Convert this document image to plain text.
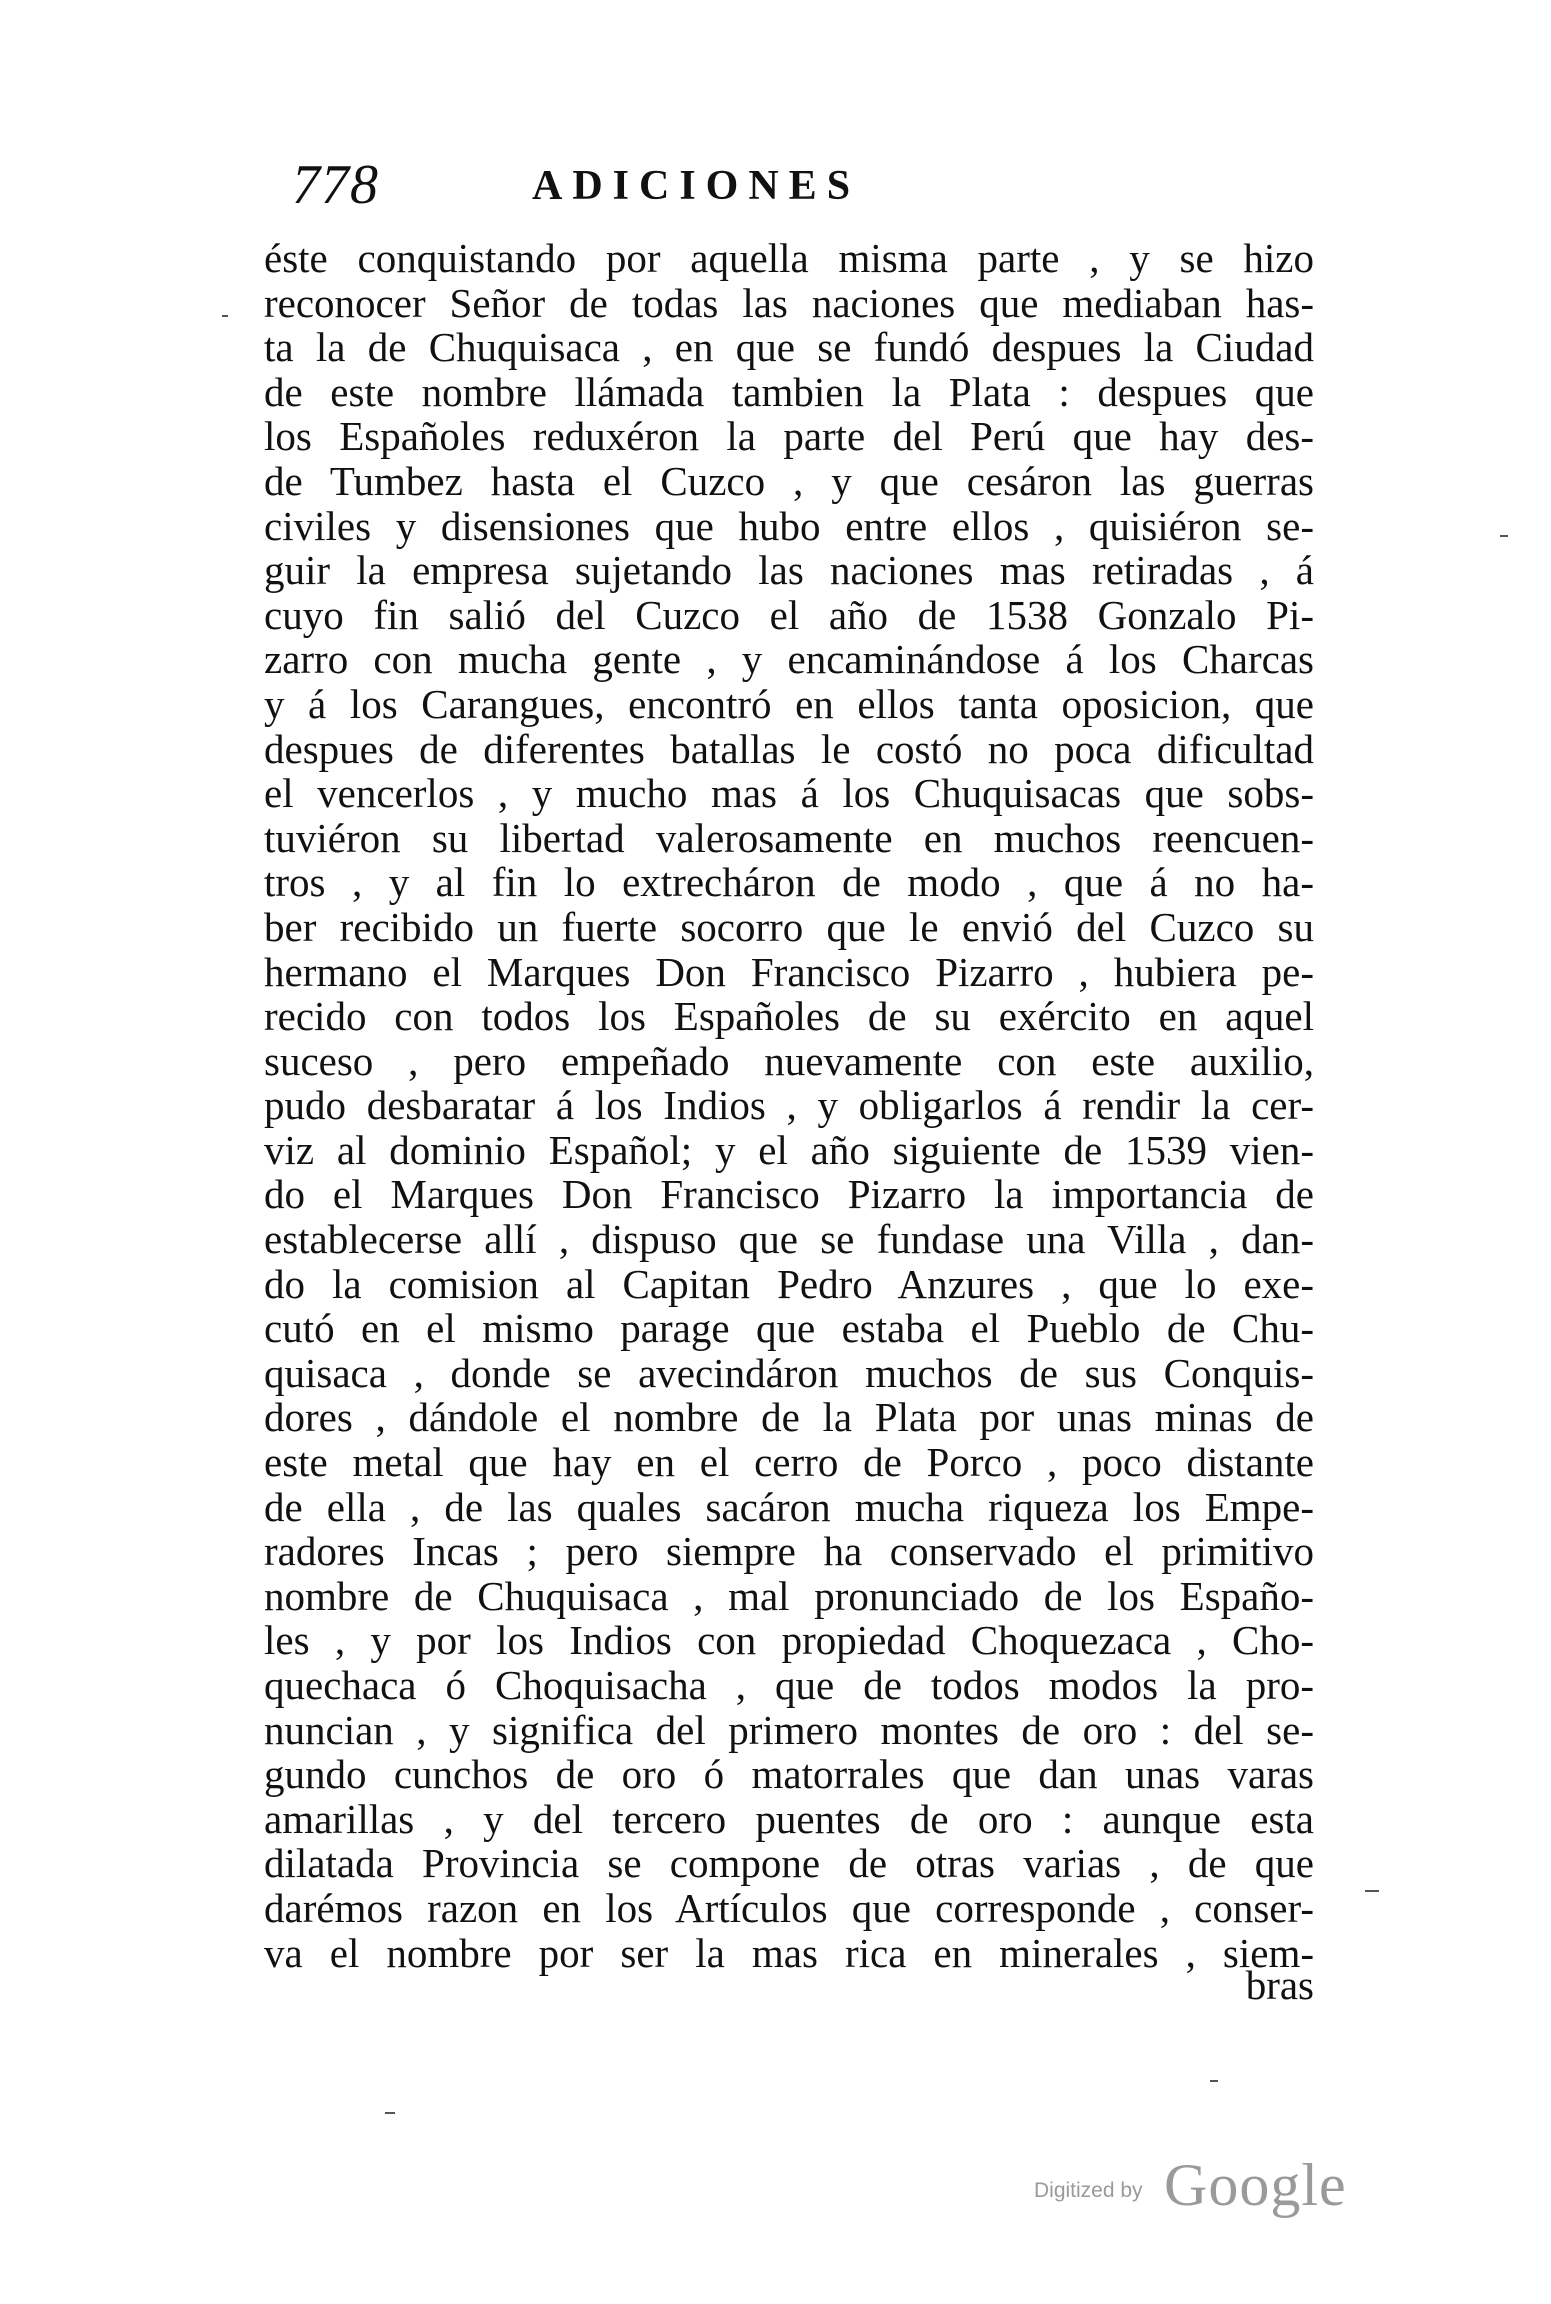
778	ADICIONES
éste conquistando por aquella misma parte , y se hizo
reconocer Señor de todas las naciones que mediaban has-
ta la de Chuquisaca , en que se fundó despues la Ciudad
de este nombre llámada tambien la Plata : despues que
los Españoles reduxéron la parte del Perú que hay des-
de Tumbez hasta el Cuzco , y que cesáron las guerras
civiles y disensiones que hubo entre ellos , quisiéron se-
guir la empresa sujetando las naciones mas retiradas , á
cuyo fin salió del Cuzco el año de 1538 Gonzalo Pi-
zarro con mucha gente , y encaminándose á los Charcas
y á los Carangues, encontró en ellos tanta oposicion, que
despues de diferentes batallas le costó no poca dificultad
el vencerlos , y mucho mas á los Chuquisacas que sobs-
tuviéron su libertad valerosamente en muchos reencuen-
tros , y al fin lo extrecháron de modo , que á no ha-
ber recibido un fuerte socorro que le envió del Cuzco su
hermano el Marques Don Francisco Pizarro , hubiera pe-
recido con todos los Españoles de su exército en aquel
suceso , pero empeñado nuevamente con este auxilio,
pudo desbaratar á los Indios , y obligarlos á rendir la cer-
viz al dominio Español; y el año siguiente de 1539 vien-
do el Marques Don Francisco Pizarro la importancia de
establecerse allí , dispuso que se fundase una Villa , dan-
do la comision al Capitan Pedro Anzures , que lo exe-
cutó en el mismo parage que estaba el Pueblo de Chu-
quisaca , donde se avecindáron muchos de sus Conquis-
dores , dándole el nombre de la Plata por unas minas de
este metal que hay en el cerro de Porco , poco distante
de ella , de las quales sacáron mucha riqueza los Empe-
radores Incas ; pero siempre ha conservado el primitivo
nombre de Chuquisaca , mal pronunciado de los Españo-
les , y por los Indios con propiedad Choquezaca , Cho-
quechaca ó Choquisacha , que de todos modos la pro-
nuncian , y significa del primero montes de oro : del se-
gundo cunchos de oro ó matorrales que dan unas varas
amarillas , y del tercero puentes de oro : aunque esta
dilatada Provincia se compone de otras varias , de que
darémos razon en los Artículos que corresponde , conser-
va el nombre por ser la mas rica en minerales , siem-
bras
Digitized by Google
